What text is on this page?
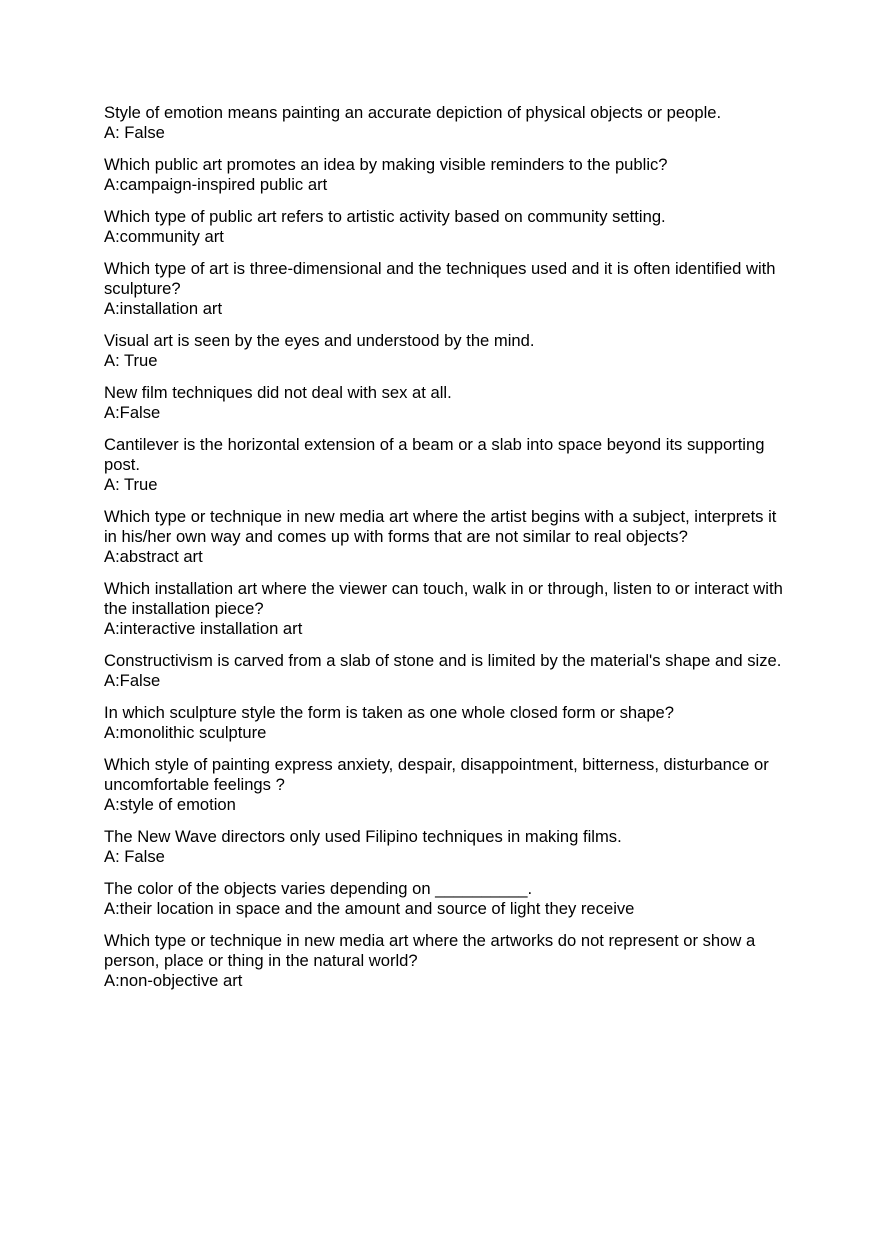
Style of emotion means painting an accurate depiction of physical objects or people.
A: False
Which public art promotes an idea by making visible reminders to the public?
A:campaign-inspired public art
Which type of public art refers to artistic activity based on community setting.
A:community art
Which type of art is three-dimensional and the techniques used and it is often identified with sculpture?
A:installation art
Visual art is seen by the eyes and understood by the mind.
A: True
New film techniques did not deal with sex at all.
A:False
Cantilever is the horizontal extension of a beam or a slab into space beyond its supporting post.
A: True
Which type or technique in new media art where the artist begins with a subject, interprets it in his/her own way and comes up with forms that are not similar to real objects?
A:abstract art
Which installation art where the viewer can touch, walk in or through, listen to or interact with the installation piece?
A:interactive installation art
Constructivism is carved from a slab of stone and is limited by the material's shape and size.
A:False
In which sculpture style the form is taken as one whole closed form or shape?
A:monolithic sculpture
Which style of painting express anxiety, despair, disappointment, bitterness, disturbance or uncomfortable feelings ?
A:style of emotion
The New Wave directors only used Filipino techniques in making films.
A: False
The color of the objects varies depending on __________.
A:their location in space and the amount and source of light they receive
Which type or technique in new media art where the artworks do not represent or show a person, place or thing in the natural world?
A:non-objective art
